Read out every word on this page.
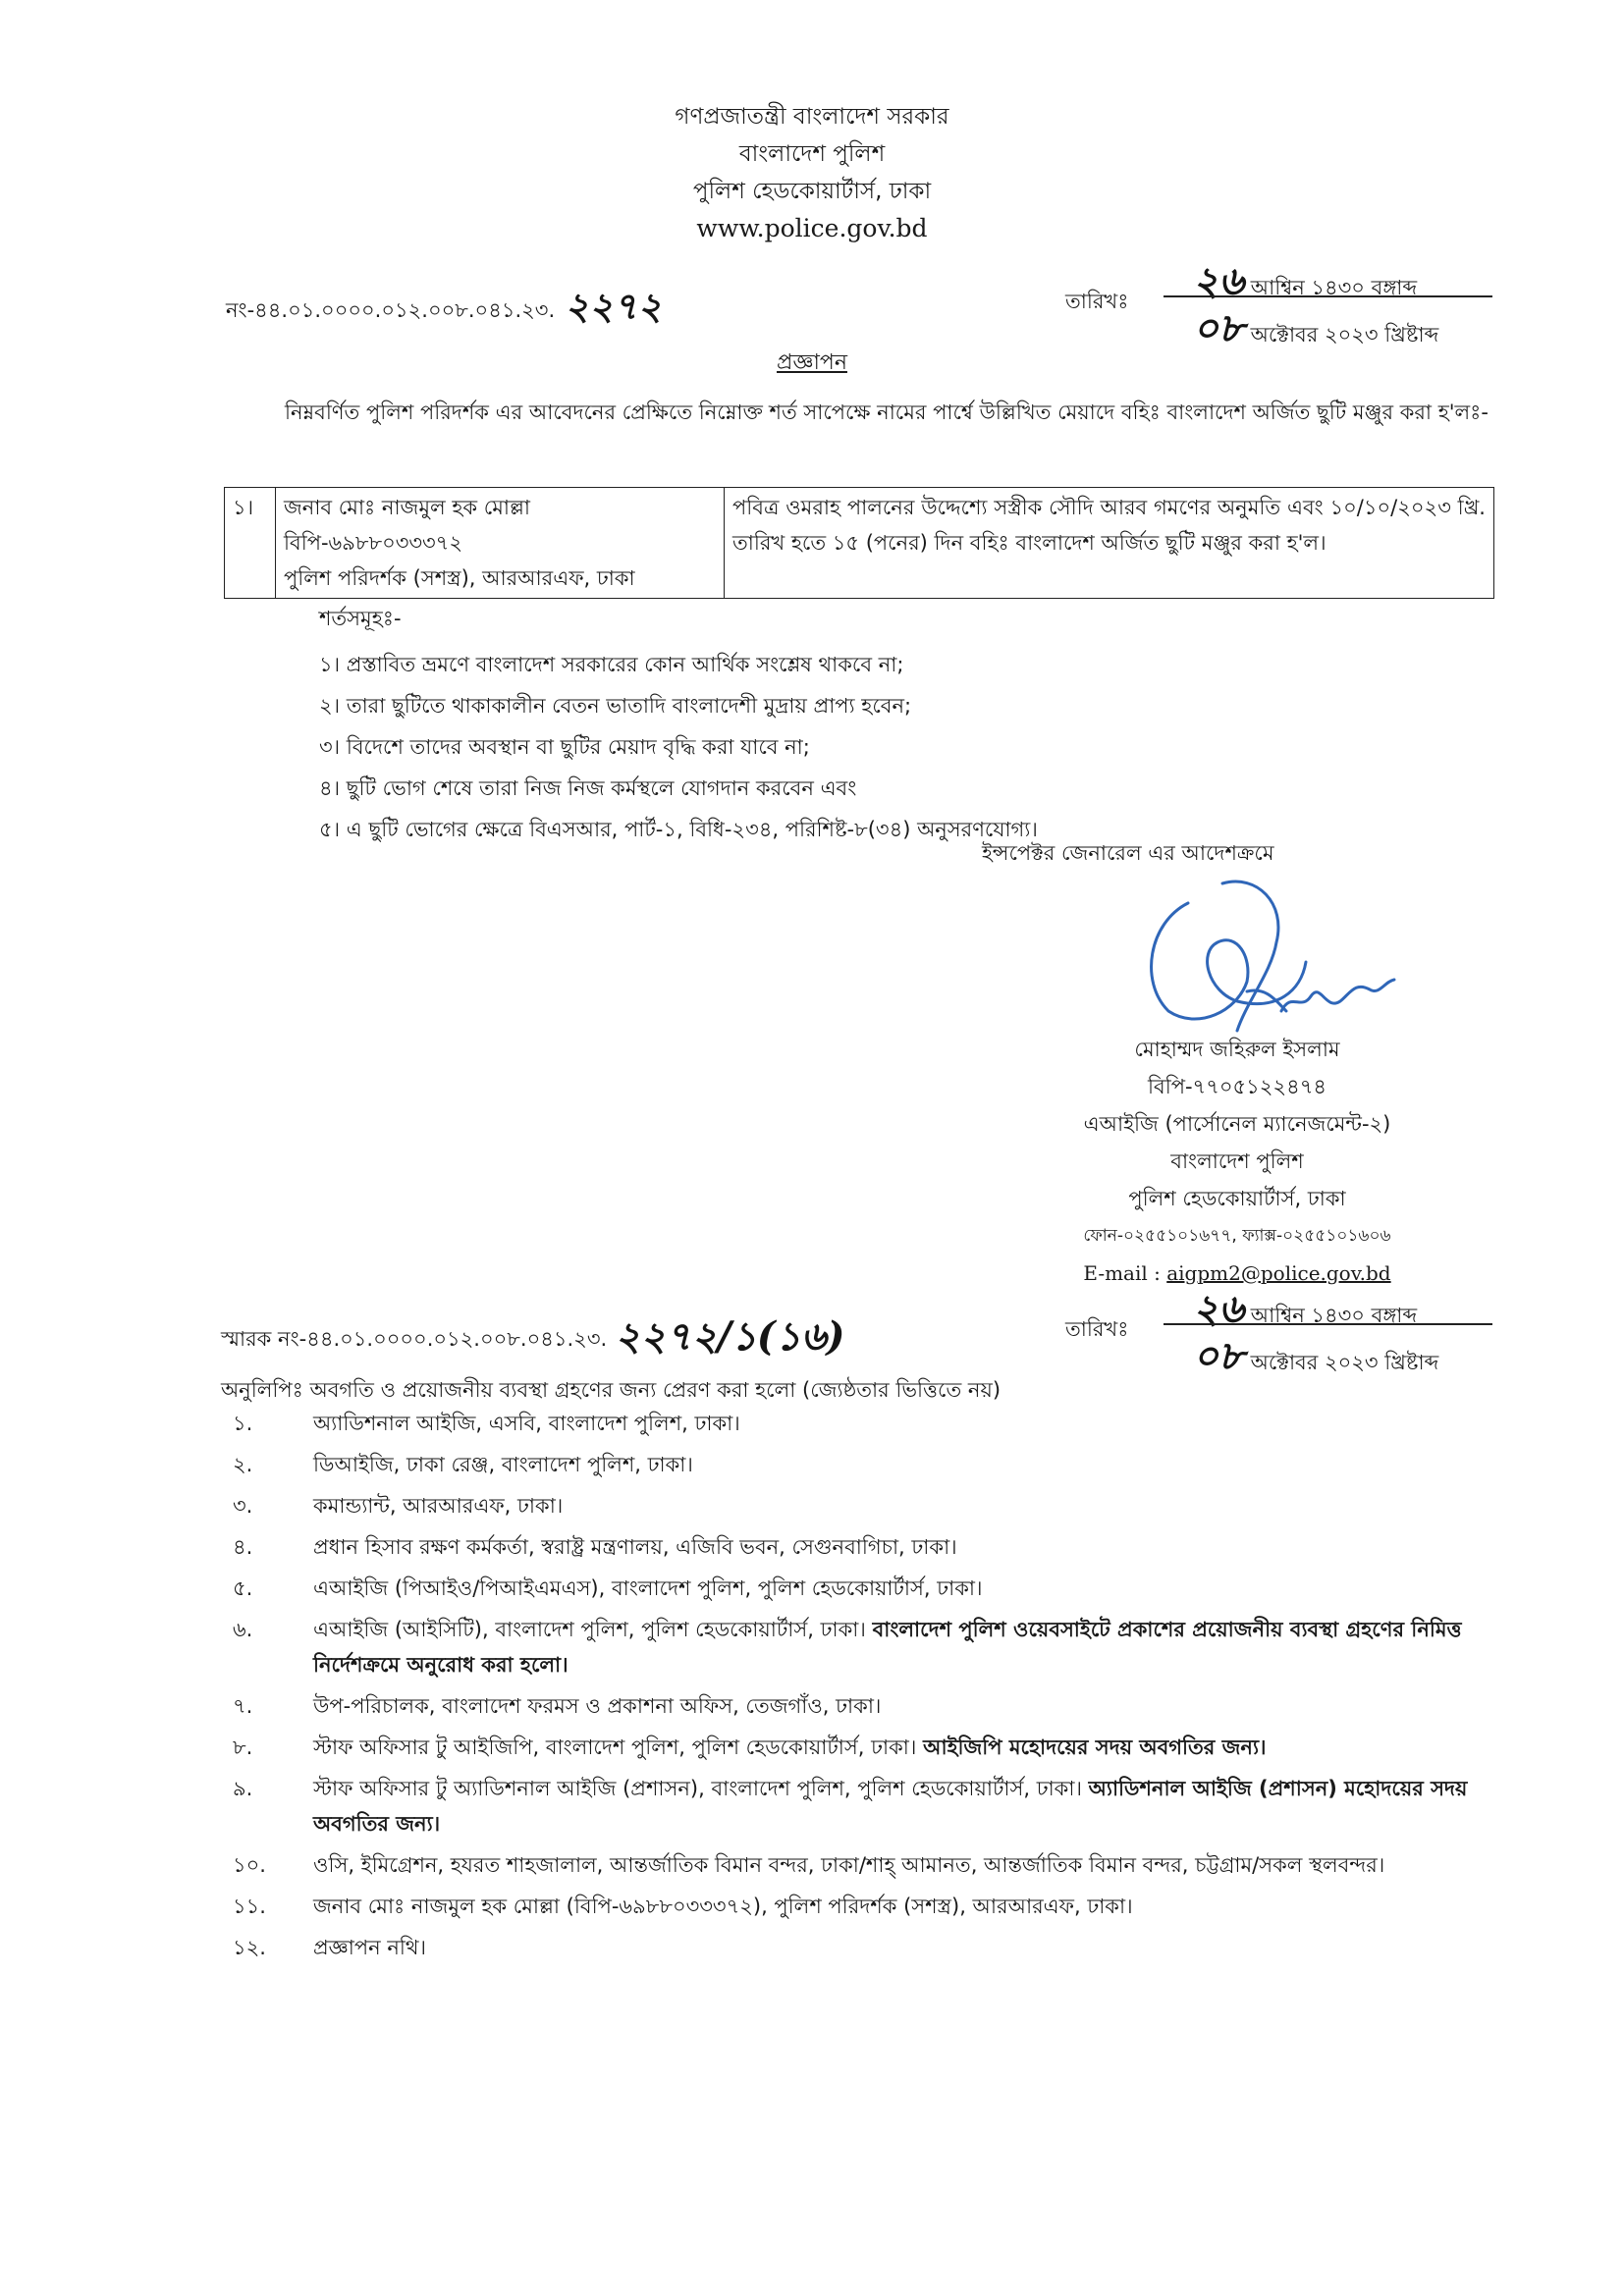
গণপ্রজাতন্ত্রী বাংলাদেশ সরকার
বাংলাদেশ পুলিশ
পুলিশ হেডকোয়ার্টার্স, ঢাকা
www.police.gov.bd
নং-৪৪.০১.০০০০.০১২.০০৮.০৪১.২৩. ২২৭২	তারিখঃ ২৬ আশ্বিন ১৪৩০ বঙ্গাব্দ
০৮ অক্টোবর ২০২৩ খ্রিষ্টাব্দ
প্রজ্ঞাপন
নিম্নবর্ণিত পুলিশ পরিদর্শক এর আবেদনের প্রেক্ষিতে নিম্নোক্ত শর্ত সাপেক্ষে নামের পার্শ্বে উল্লিখিত মেয়াদে বহিঃ বাংলাদেশ অর্জিত ছুটি মঞ্জুর করা হ'লঃ-
১।	জনাব মোঃ নাজমুল হক মোল্লা
বিপি-৬৯৮৮০৩৩৩৭২
পুলিশ পরিদর্শক (সশস্ত্র), আরআরএফ, ঢাকা
	পবিত্র ওমরাহ পালনের উদ্দেশ্যে সস্ত্রীক সৌদি আরব গমণের অনুমতি এবং ১০/১০/২০২৩ খ্রি. তারিখ হতে ১৫ (পনের) দিন বহিঃ বাংলাদেশ অর্জিত ছুটি মঞ্জুর করা হ'ল।
শর্তসমূহঃ-
১। প্রস্তাবিত ভ্রমণে বাংলাদেশ সরকারের কোন আর্থিক সংশ্লেষ থাকবে না;
২। তারা ছুটিতে থাকাকালীন বেতন ভাতাদি বাংলাদেশী মুদ্রায় প্রাপ্য হবেন;
৩। বিদেশে তাদের অবস্থান বা ছুটির মেয়াদ বৃদ্ধি করা যাবে না;
৪। ছুটি ভোগ শেষে তারা নিজ নিজ কর্মস্থলে যোগদান করবেন এবং
৫। এ ছুটি ভোগের ক্ষেত্রে বিএসআর, পার্ট-১, বিধি-২৩৪, পরিশিষ্ট-৮(৩৪) অনুসরণযোগ্য।
ইন্সপেক্টর জেনারেল এর আদেশক্রমে
মোহাম্মদ জহিরুল ইসলাম
বিপি-৭৭০৫১২২৪৭৪
এআইজি (পার্সোনেল ম্যানেজমেন্ট-২)
বাংলাদেশ পুলিশ
পুলিশ হেডকোয়ার্টার্স, ঢাকা
ফোন-০২৫৫১০১৬৭৭, ফ্যাক্স-০২৫৫১০১৬০৬
E-mail : aigpm2@police.gov.bd
স্মারক নং-৪৪.০১.০০০০.০১২.০০৮.০৪১.২৩. ২২৭২/১(১৬)	তারিখঃ ২৬ আশ্বিন ১৪৩০ বঙ্গাব্দ
০৮ অক্টোবর ২০২৩ খ্রিষ্টাব্দ
অনুলিপিঃ অবগতি ও প্রয়োজনীয় ব্যবস্থা গ্রহণের জন্য প্রেরণ করা হলো (জ্যেষ্ঠতার ভিত্তিতে নয়)
১.	অ্যাডিশনাল আইজি, এসবি, বাংলাদেশ পুলিশ, ঢাকা।
২.	ডিআইজি, ঢাকা রেঞ্জ, বাংলাদেশ পুলিশ, ঢাকা।
৩.	কমান্ড্যান্ট, আরআরএফ, ঢাকা।
৪.	প্রধান হিসাব রক্ষণ কর্মকর্তা, স্বরাষ্ট্র মন্ত্রণালয়, এজিবি ভবন, সেগুনবাগিচা, ঢাকা।
৫.	এআইজি (পিআইও/পিআইএমএস), বাংলাদেশ পুলিশ, পুলিশ হেডকোয়ার্টার্স, ঢাকা।
৬.	এআইজি (আইসিটি), বাংলাদেশ পুলিশ, পুলিশ হেডকোয়ার্টার্স, ঢাকা। বাংলাদেশ পুলিশ ওয়েবসাইটে প্রকাশের প্রয়োজনীয় ব্যবস্থা গ্রহণের নিমিত্ত নির্দেশক্রমে অনুরোধ করা হলো।
৭.	উপ-পরিচালক, বাংলাদেশ ফরমস ও প্রকাশনা অফিস, তেজগাঁও, ঢাকা।
৮.	স্টাফ অফিসার টু আইজিপি, বাংলাদেশ পুলিশ, পুলিশ হেডকোয়ার্টার্স, ঢাকা। আইজিপি মহোদয়ের সদয় অবগতির জন্য।
৯.	স্টাফ অফিসার টু অ্যাডিশনাল আইজি (প্রশাসন), বাংলাদেশ পুলিশ, পুলিশ হেডকোয়ার্টার্স, ঢাকা। অ্যাডিশনাল আইজি (প্রশাসন) মহোদয়ের সদয় অবগতির জন্য।
১০.	ওসি, ইমিগ্রেশন, হযরত শাহজালাল, আন্তর্জাতিক বিমান বন্দর, ঢাকা/শাহ্ আমানত, আন্তর্জাতিক বিমান বন্দর, চট্টগ্রাম/সকল স্থলবন্দর।
১১.	জনাব মোঃ নাজমুল হক মোল্লা (বিপি-৬৯৮৮০৩৩৩৭২), পুলিশ পরিদর্শক (সশস্ত্র), আরআরএফ, ঢাকা।
১২.	প্রজ্ঞাপন নথি।
